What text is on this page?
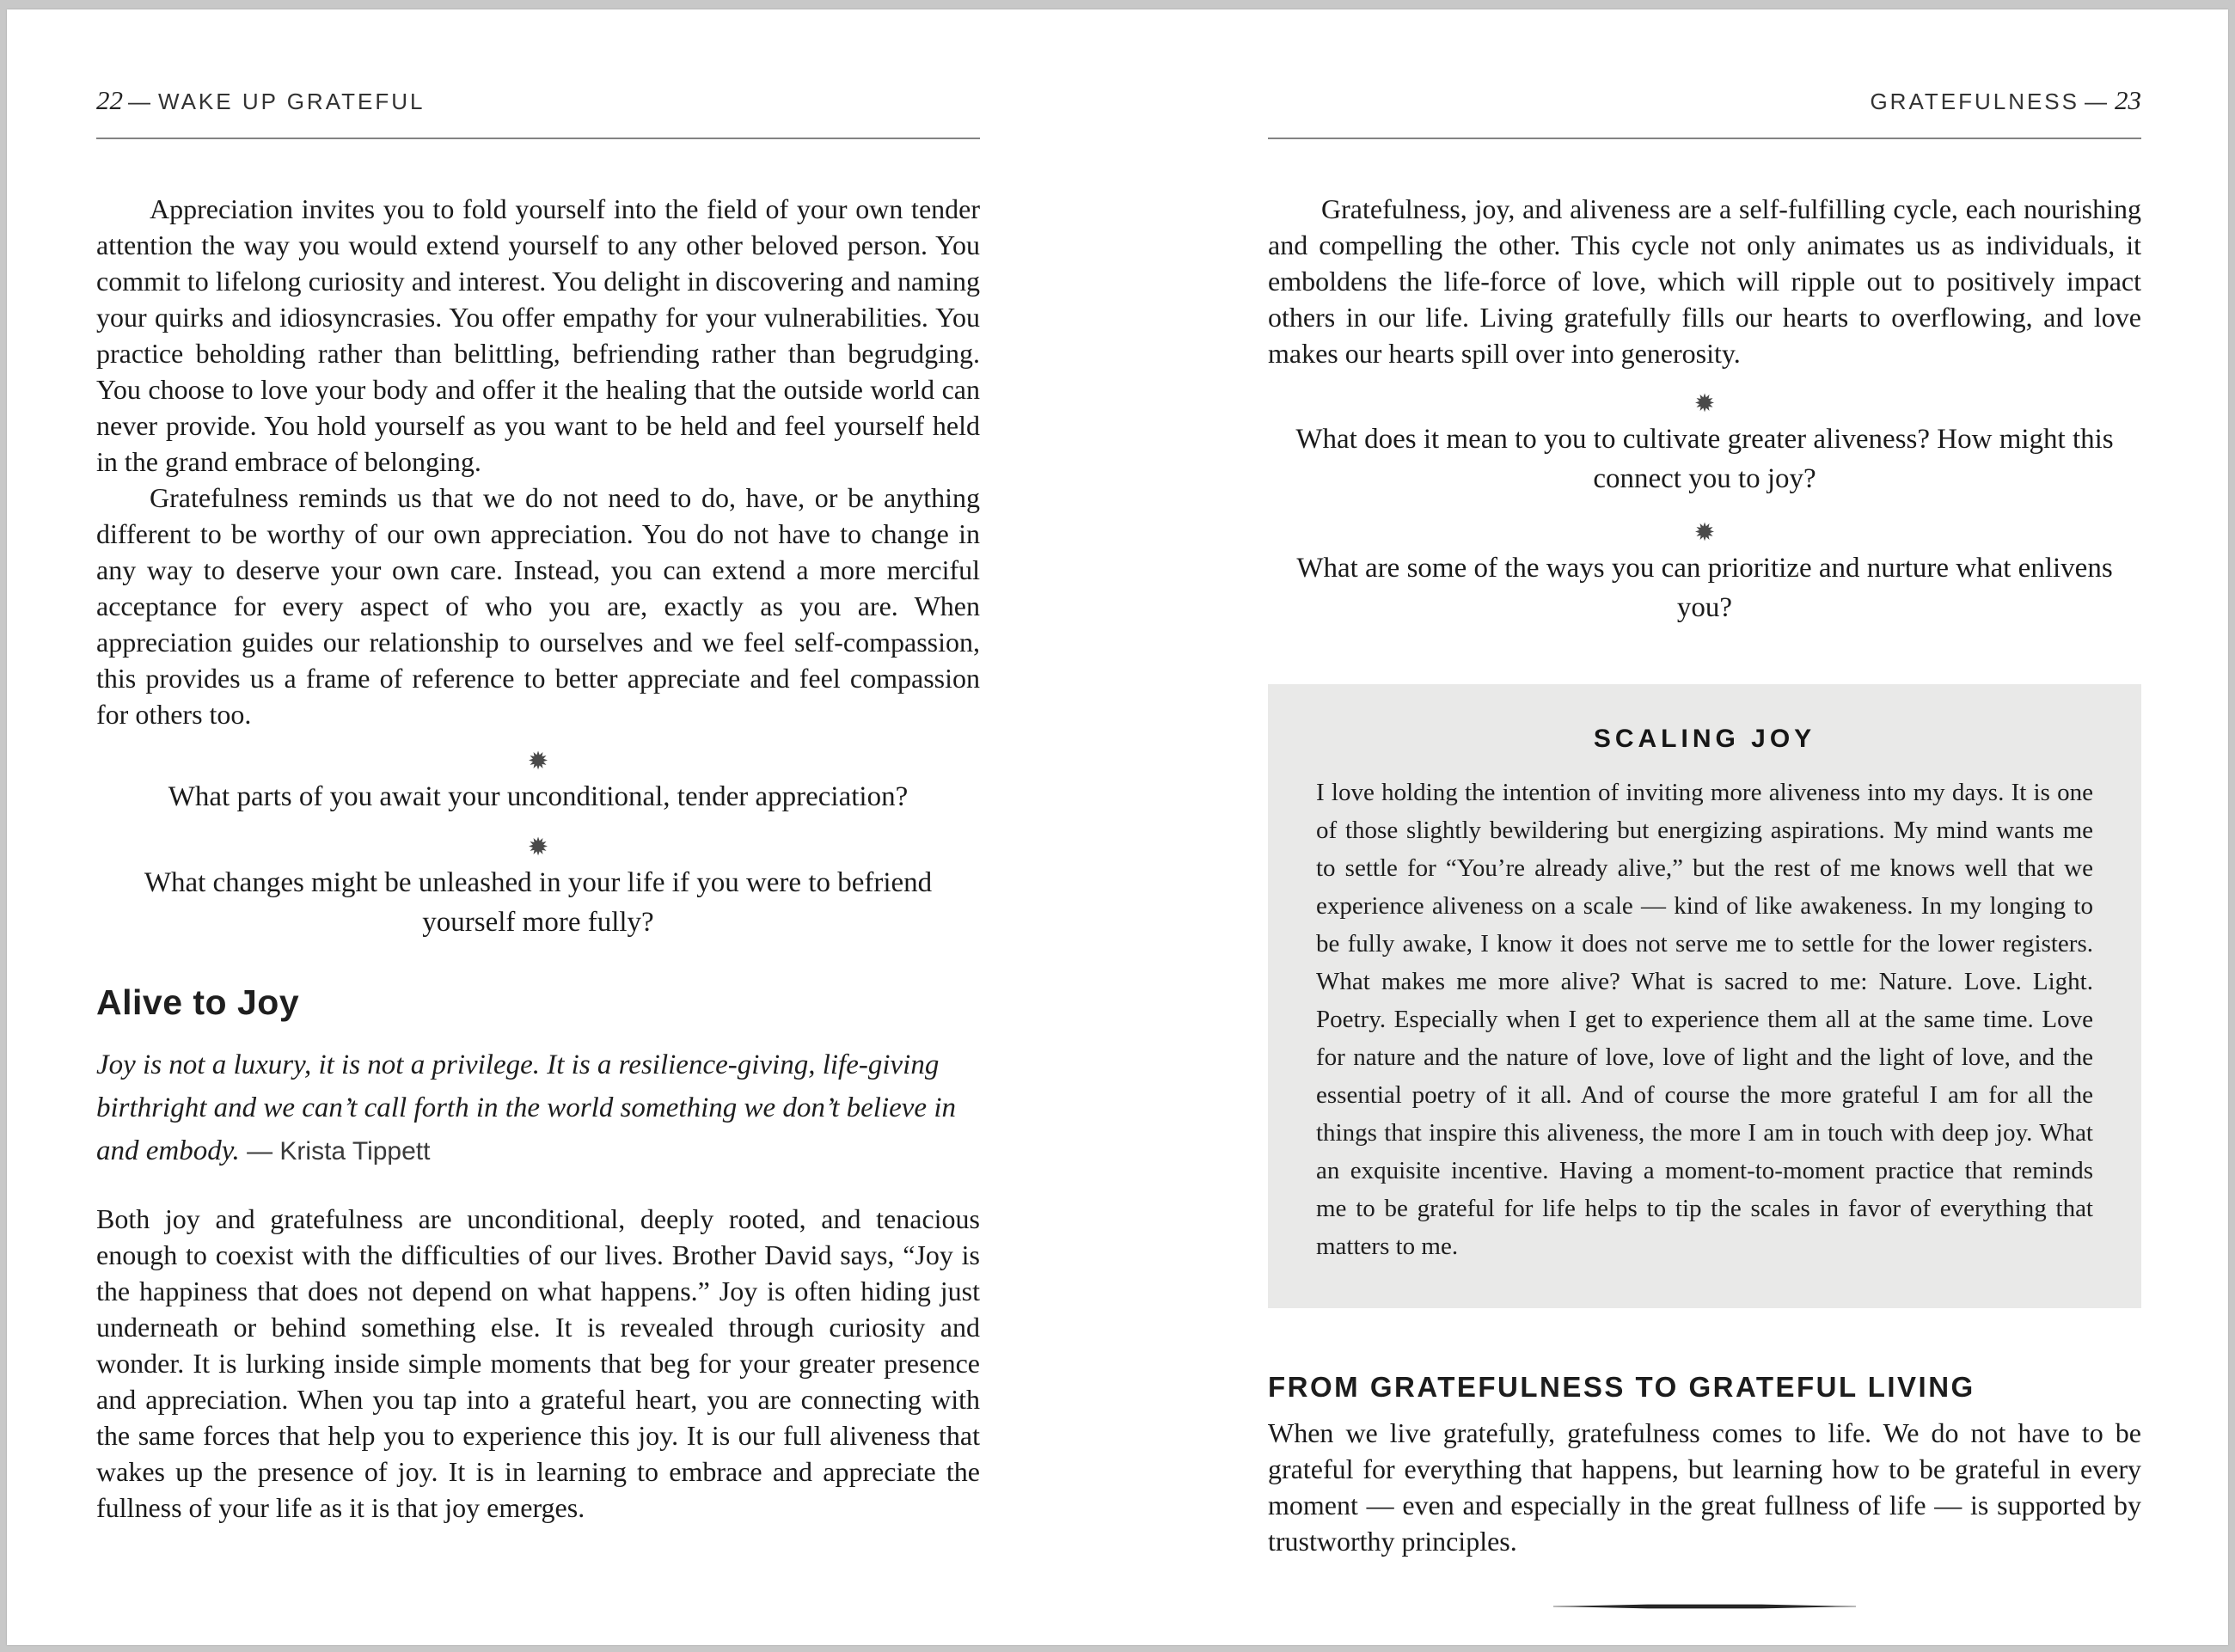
22 — WAKE UP GRATEFUL

Appreciation invites you to fold yourself into the field of your own tender attention the way you would extend yourself to any other beloved person. You commit to lifelong curiosity and interest. You delight in discovering and naming your quirks and idiosyncrasies. You offer empathy for your vulnerabilities. You practice beholding rather than belittling, befriending rather than begrudging. You choose to love your body and offer it the healing that the outside world can never provide. You hold yourself as you want to be held and feel yourself held in the grand embrace of belonging.

Gratefulness reminds us that we do not need to do, have, or be anything different to be worthy of our own appreciation. You do not have to change in any way to deserve your own care. Instead, you can extend a more merciful acceptance for every aspect of who you are, exactly as you are. When appreciation guides our relationship to ourselves and we feel self-compassion, this provides us a frame of reference to better appreciate and feel compassion for others too.

✹

What parts of you await your unconditional, tender appreciation?

✹

What changes might be unleashed in your life if you were to befriend yourself more fully?

Alive to Joy

Joy is not a luxury, it is not a privilege. It is a resilience-giving, life-giving birthright and we can’t call forth in the world something we don’t believe in and embody. — Krista Tippett

Both joy and gratefulness are unconditional, deeply rooted, and tenacious enough to coexist with the difficulties of our lives. Brother David says, “Joy is the happiness that does not depend on what happens.” Joy is often hiding just underneath or behind something else. It is revealed through curiosity and wonder. It is lurking inside simple moments that beg for your greater presence and appreciation. When you tap into a grateful heart, you are connecting with the same forces that help you to experience this joy. It is our full aliveness that wakes up the presence of joy. It is in learning to embrace and appreciate the fullness of your life as it is that joy emerges.

GRATEFULNESS — 23

Gratefulness, joy, and aliveness are a self-fulfilling cycle, each nourishing and compelling the other. This cycle not only animates us as individuals, it emboldens the life-force of love, which will ripple out to positively impact others in our life. Living gratefully fills our hearts to overflowing, and love makes our hearts spill over into generosity.

✹

What does it mean to you to cultivate greater aliveness? How might this connect you to joy?

✹

What are some of the ways you can prioritize and nurture what enlivens you?

SCALING JOY

I love holding the intention of inviting more aliveness into my days. It is one of those slightly bewildering but energizing aspirations. My mind wants me to settle for “You’re already alive,” but the rest of me knows well that we experience aliveness on a scale — kind of like awakeness. In my longing to be fully awake, I know it does not serve me to settle for the lower registers. What makes me more alive? What is sacred to me: Nature. Love. Light. Poetry. Especially when I get to experience them all at the same time. Love for nature and the nature of love, love of light and the light of love, and the essential poetry of it all. And of course the more grateful I am for all the things that inspire this aliveness, the more I am in touch with deep joy. What an exquisite incentive. Having a moment-to-moment practice that reminds me to be grateful for life helps to tip the scales in favor of everything that matters to me.

FROM GRATEFULNESS TO GRATEFUL LIVING

When we live gratefully, gratefulness comes to life. We do not have to be grateful for everything that happens, but learning how to be grateful in every moment — even and especially in the great fullness of life — is supported by trustworthy principles.
